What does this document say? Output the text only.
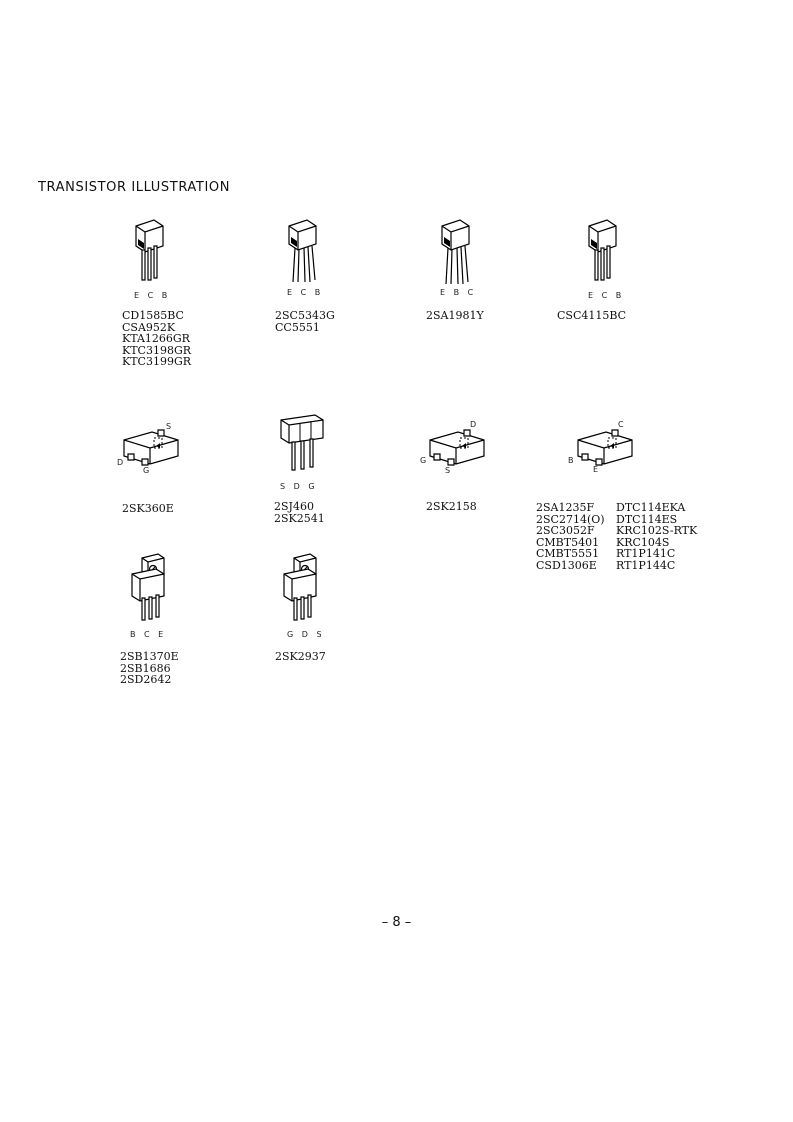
TRANSISTOR ILLUSTRATION
E C B
CD1585BC
CSA952K
KTA1266GR
KTC3198GR
KTC3199GR
E C B
2SC5343G
CC5551
E B C
2SA1981Y
E C B
CSC4115BC
S
D
G
2SK360E
S D G
2SJ460
2SK2541
D
G
S
2SK2158
C
B
E
2SA1235F
2SC2714(O)
2SC3052F
CMBT5401
CMBT5551
CSD1306E
DTC114EKA
DTC114ES
KRC102S-RTK
KRC104S
RT1P141C
RT1P144C
B C E
2SB1370E
2SB1686
2SD2642
G D S
2SK2937
– 8 –
